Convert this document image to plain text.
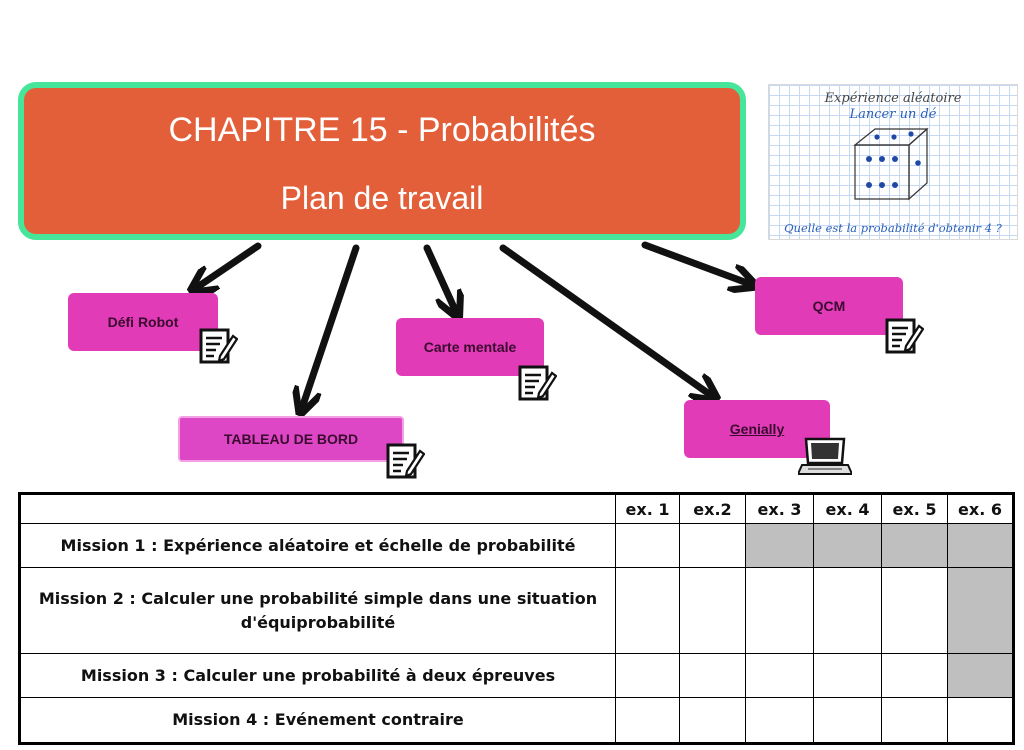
CHAPITRE 15 - Probabilités
Plan de travail
Expérience aléatoire
Lancer un dé
Quelle est la probabilité d'obtenir 4 ?
Défi Robot
TABLEAU DE BORD
Carte mentale
Genially
QCM
	ex. 1	ex.2	ex. 3	ex. 4	ex. 5	ex. 6
Mission 1 : Expérience aléatoire et échelle de probabilité						
Mission 2 : Calculer une probabilité simple dans une situation d'équiprobabilité						
Mission 3 : Calculer une probabilité à deux épreuves						
Mission 4 : Evénement contraire						
